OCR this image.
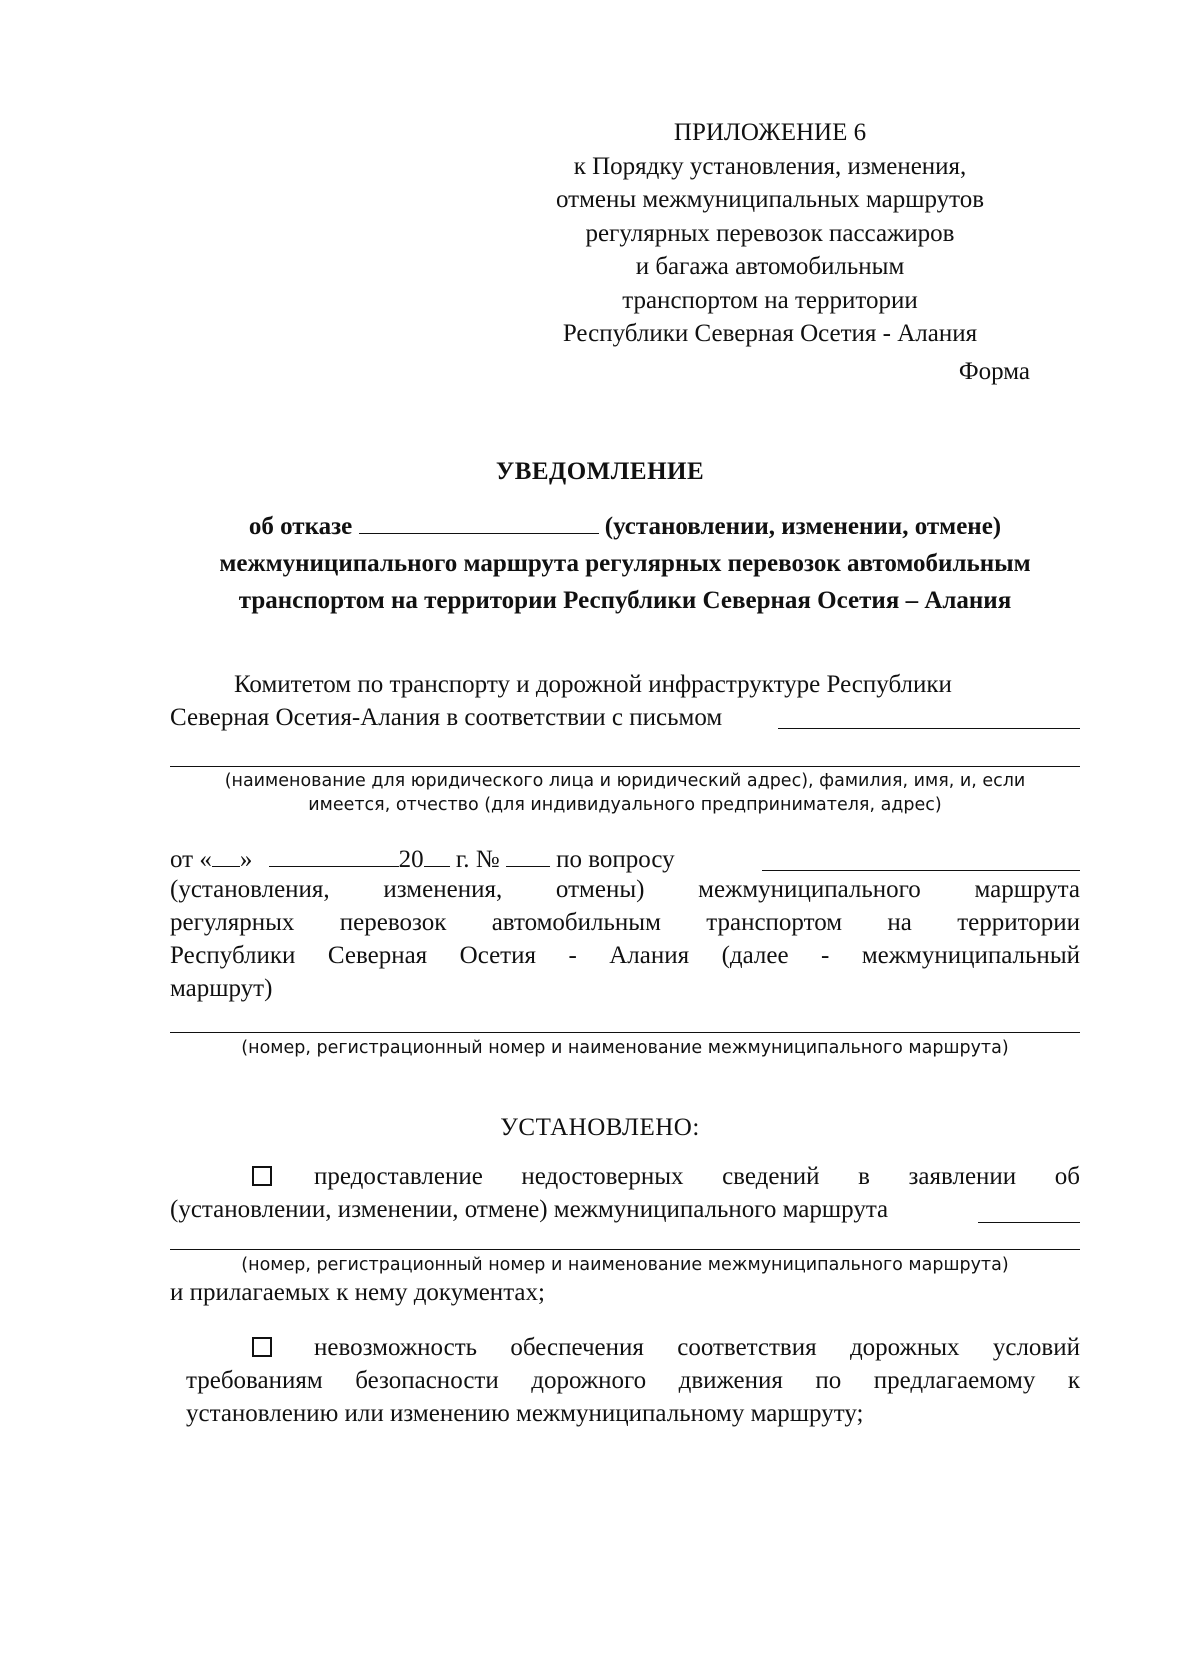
ПРИЛОЖЕНИЕ 6
к Порядку установления, изменения,
отмены межмуниципальных маршрутов
регулярных перевозок пассажиров
и багажа автомобильным
транспортом на территории
Республики Северная Осетия - Алания
Форма
УВЕДОМЛЕНИЕ
об отказе	(установлении, изменении, отмене)
межмуниципального маршрута регулярных перевозок автомобильным
транспортом на территории Республики Северная Осетия – Алания
Комитетом по транспорту и дорожной инфраструктуре Республики
Северная Осетия-Алания в соответствии с письмом
(наименование для юридического лица и юридический адрес), фамилия, имя, и, если
имеется, отчество (для индивидуального предпринимателя, адрес)
от « »	20 г. № по вопросу
(установления, изменения, отмены) межмуниципального маршрута
регулярных перевозок автомобильным транспортом на территории
Республики Северная Осетия - Алания (далее - межмуниципальный
маршрут)
(номер, регистрационный номер и наименование межмуниципального маршрута)
УСТАНОВЛЕНО:
предоставление недостоверных сведений в заявлении об
(установлении, изменении, отмене) межмуниципального маршрута
(номер, регистрационный номер и наименование межмуниципального маршрута)
и прилагаемых к нему документах;
невозможность обеспечения соответствия дорожных условий
требованиям безопасности дорожного движения по предлагаемому к
установлению или изменению межмуниципальному маршруту;
